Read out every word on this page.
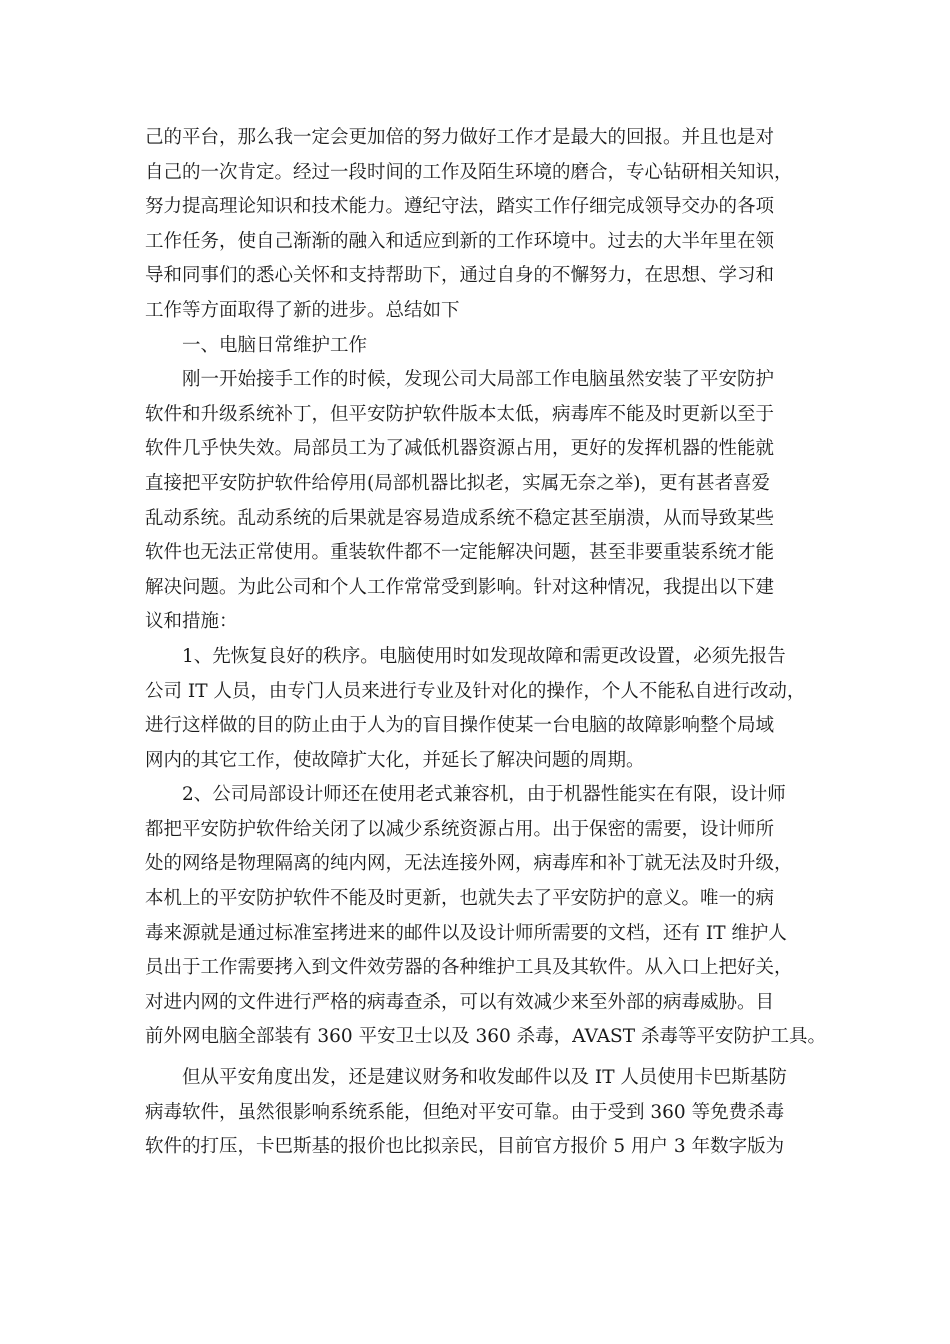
己的平台，那么我一定会更加倍的努力做好工作才是最大的回报。并且也是对
自己的一次肯定。经过一段时间的工作及陌生环境的磨合，专心钻研相关知识，
努力提高理论知识和技术能力。遵纪守法，踏实工作仔细完成领导交办的各项
工作任务，使自己渐渐的融入和适应到新的工作环境中。过去的大半年里在领
导和同事们的悉心关怀和支持帮助下，通过自身的不懈努力，在思想、学习和
工作等方面取得了新的进步。总结如下
一、电脑日常维护工作
刚一开始接手工作的时候，发现公司大局部工作电脑虽然安装了平安防护
软件和升级系统补丁，但平安防护软件版本太低，病毒库不能及时更新以至于
软件几乎快失效。局部员工为了减低机器资源占用，更好的发挥机器的性能就
直接把平安防护软件给停用(局部机器比拟老，实属无奈之举)，更有甚者喜爱
乱动系统。乱动系统的后果就是容易造成系统不稳定甚至崩溃，从而导致某些
软件也无法正常使用。重装软件都不一定能解决问题，甚至非要重装系统才能
解决问题。为此公司和个人工作常常受到影响。针对这种情况，我提出以下建
议和措施：
1、先恢复良好的秩序。电脑使用时如发现故障和需更改设置，必须先报告
公司 IT 人员，由专门人员来进行专业及针对化的操作，个人不能私自进行改动，
进行这样做的目的防止由于人为的盲目操作使某一台电脑的故障影响整个局域
网内的其它工作，使故障扩大化，并延长了解决问题的周期。
2、公司局部设计师还在使用老式兼容机，由于机器性能实在有限，设计师
都把平安防护软件给关闭了以减少系统资源占用。出于保密的需要，设计师所
处的网络是物理隔离的纯内网，无法连接外网，病毒库和补丁就无法及时升级，
本机上的平安防护软件不能及时更新，也就失去了平安防护的意义。唯一的病
毒来源就是通过标准室拷进来的邮件以及设计师所需要的文档，还有 IT 维护人
员出于工作需要拷入到文件效劳器的各种维护工具及其软件。从入口上把好关，
对进内网的文件进行严格的病毒查杀，可以有效减少来至外部的病毒威胁。目
前外网电脑全部装有 360 平安卫士以及 360 杀毒，AVAST 杀毒等平安防护工具。
但从平安角度出发，还是建议财务和收发邮件以及 IT 人员使用卡巴斯基防
病毒软件，虽然很影响系统系能，但绝对平安可靠。由于受到 360 等免费杀毒
软件的打压，卡巴斯基的报价也比拟亲民，目前官方报价 5 用户 3 年数字版为
